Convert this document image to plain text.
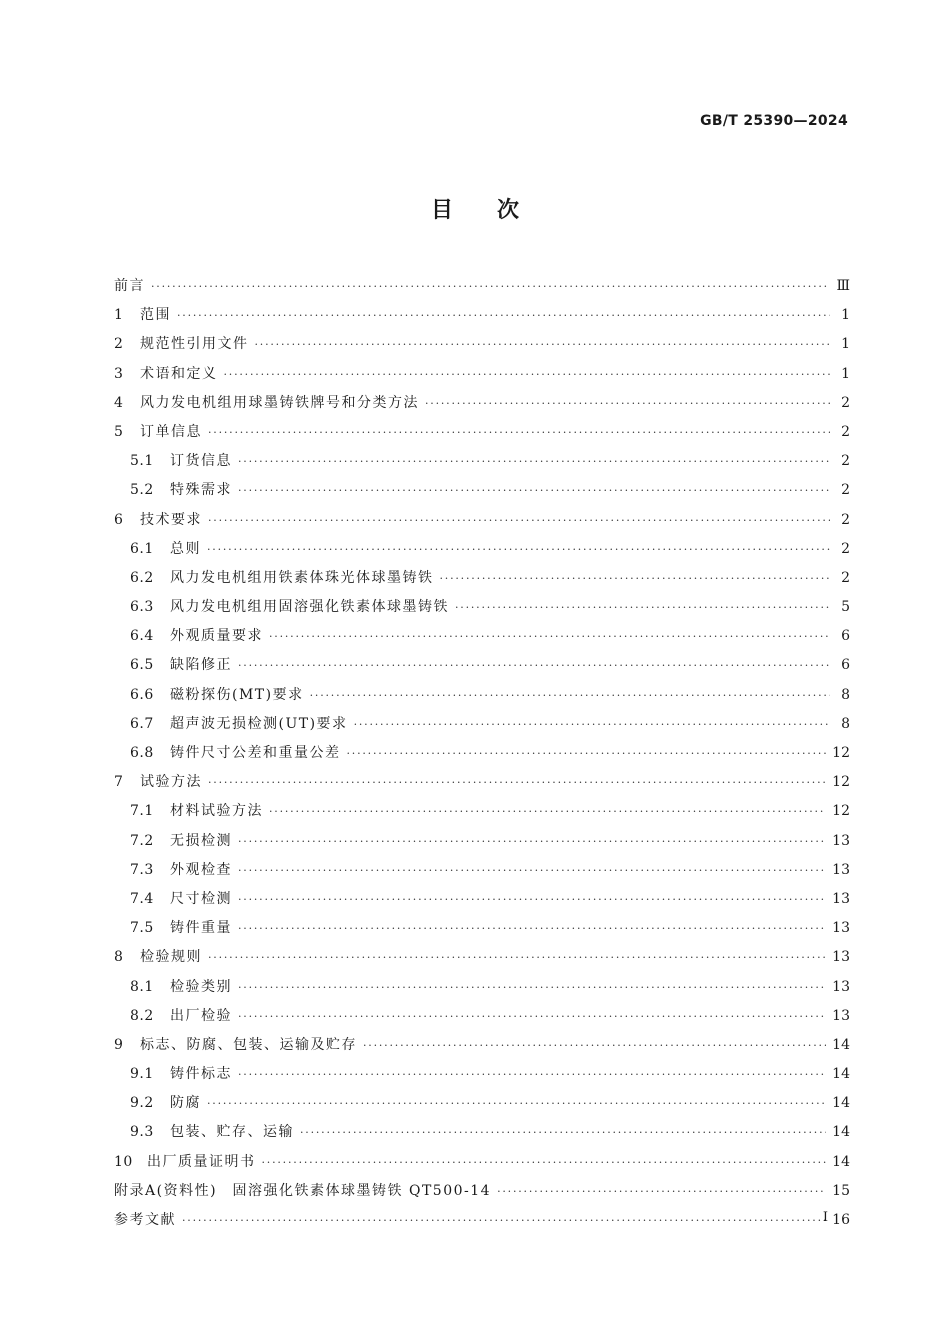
GB/T 25390—2024
目　　次
前言 ·····	Ⅲ
1	范围 ·····	1
2	规范性引用文件 ·····	1
3	术语和定义 ·····	1
4	风力发电机组用球墨铸铁牌号和分类方法 ·····	2
5	订单信息 ·····	2
5.1	订货信息 ·····	2
5.2	特殊需求 ·····	2
6	技术要求 ·····	2
6.1	总则 ·····	2
6.2	风力发电机组用铁素体珠光体球墨铸铁 ·····	2
6.3	风力发电机组用固溶强化铁素体球墨铸铁 ·····	5
6.4	外观质量要求 ·····	6
6.5	缺陷修正 ·····	6
6.6	磁粉探伤(MT)要求 ·····	8
6.7	超声波无损检测(UT)要求 ·····	8
6.8	铸件尺寸公差和重量公差 ·····	12
7	试验方法 ·····	12
7.1	材料试验方法 ·····	12
7.2	无损检测 ·····	13
7.3	外观检查 ·····	13
7.4	尺寸检测 ·····	13
7.5	铸件重量 ·····	13
8	检验规则 ·····	13
8.1	检验类别 ·····	13
8.2	出厂检验 ·····	13
9	标志、防腐、包装、运输及贮存 ·····	14
9.1	铸件标志 ·····	14
9.2	防腐 ·····	14
9.3	包装、贮存、运输 ·····	14
10	出厂质量证明书 ·····	14
附录A(资料性)　固溶强化铁素体球墨铸铁 QT500-14 ·····	15
参考文献 ·····	16
I
